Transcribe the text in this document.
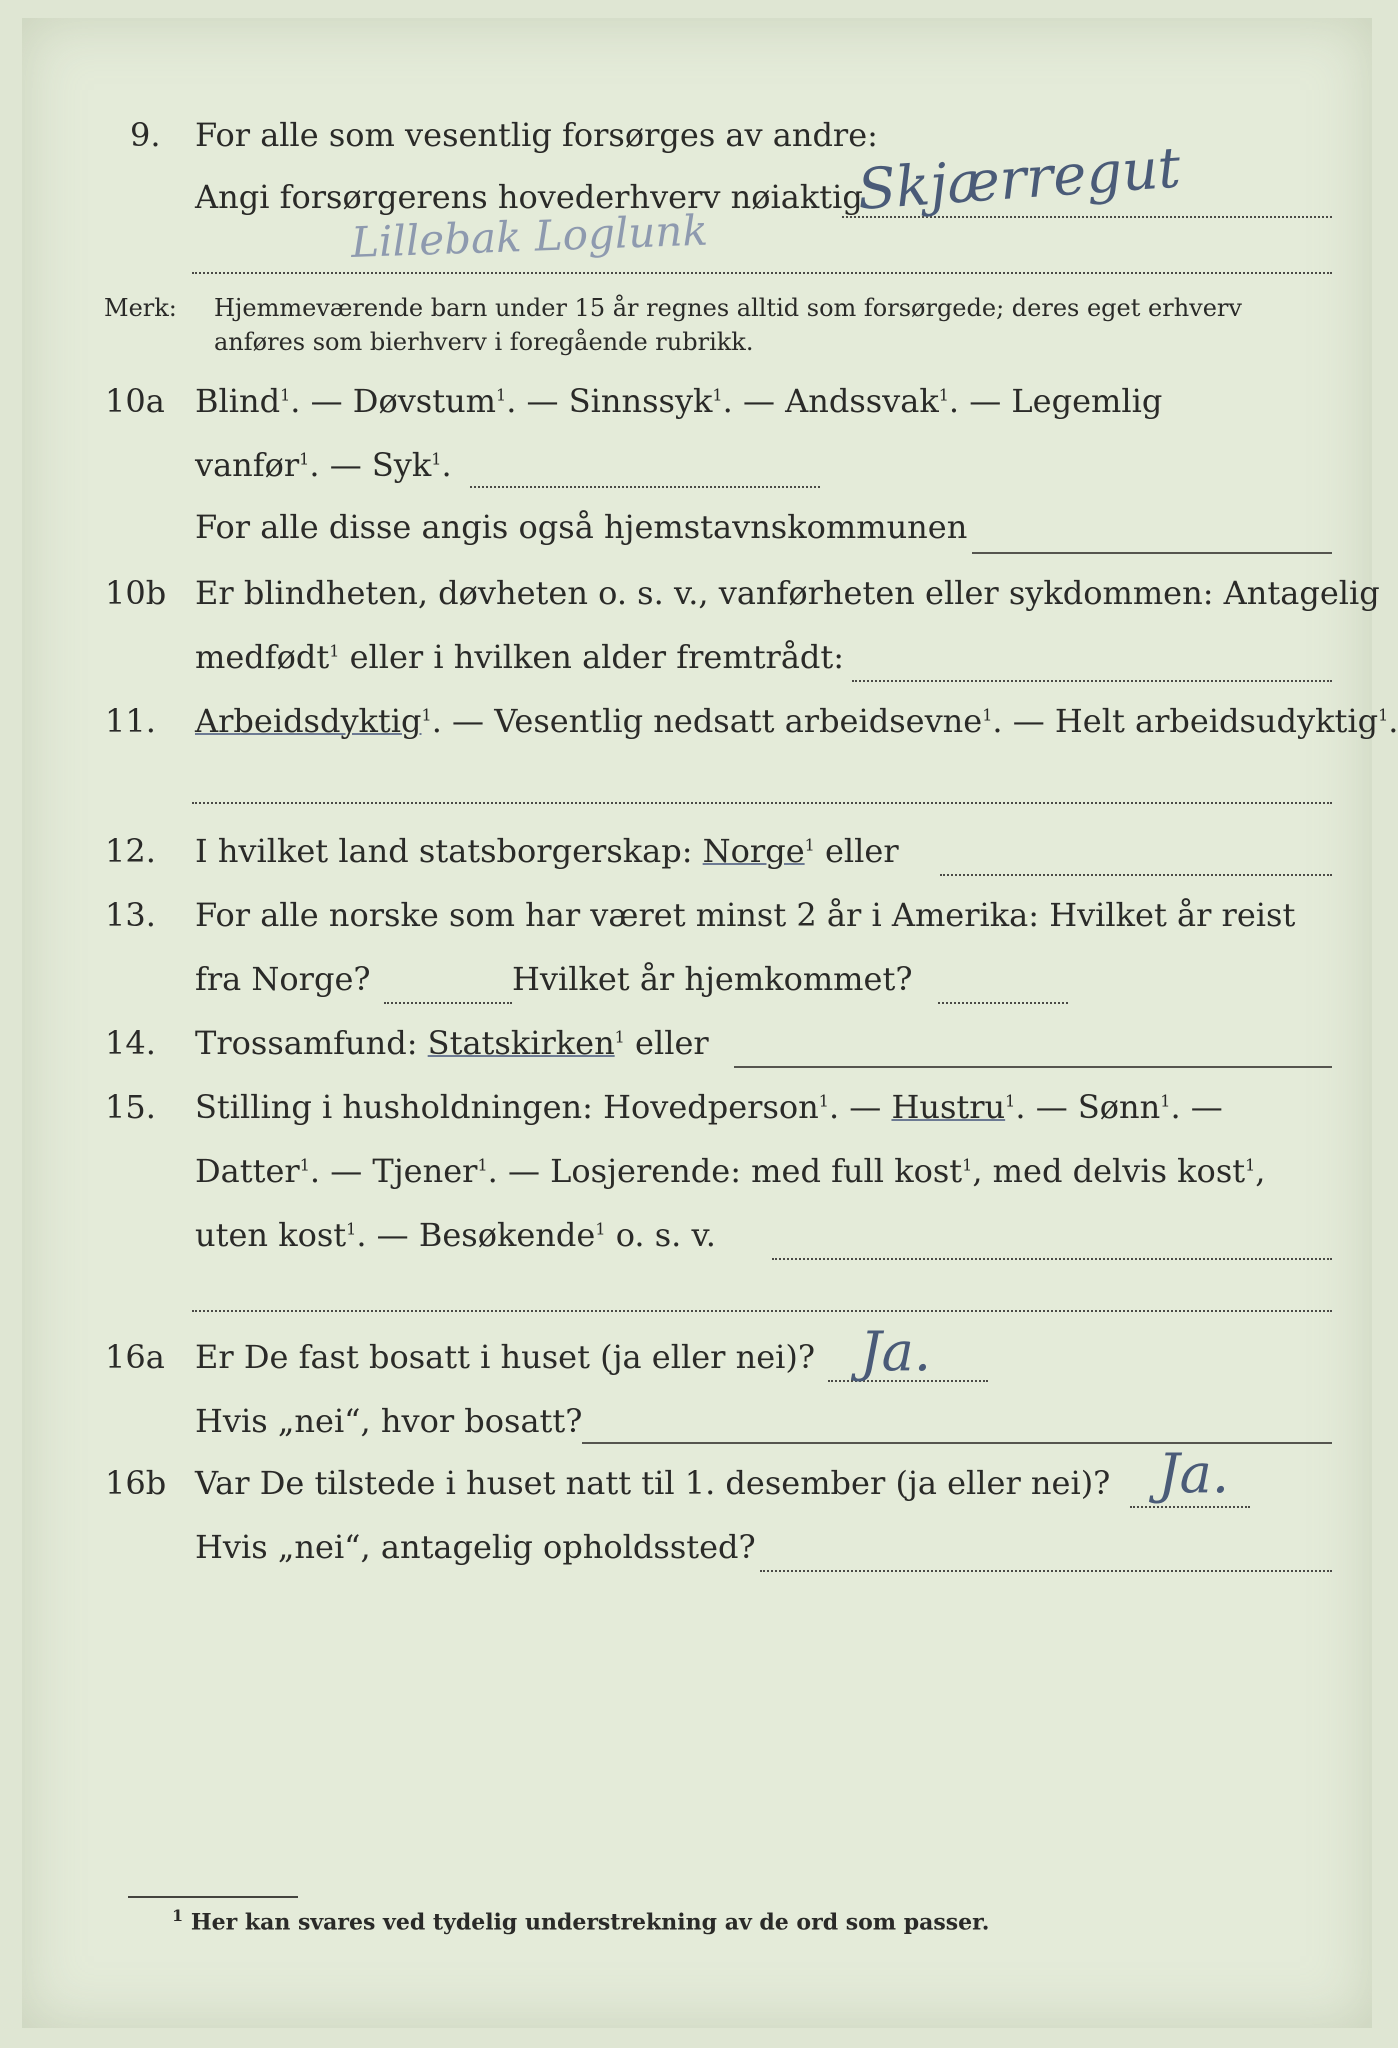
9. For alle som vesentlig forsørges av andre:
Angi forsørgerens hovederhverv nøiaktig
Skjærregut
Lillebak Loglunk
Merk: Hjemmeværende barn under 15 år regnes alltid som forsørgede; deres eget erhverv
anføres som bierhverv i foregående rubrikk.
10a Blind$^1$. — Døvstum$^1$. — Sinnssyk$^1$. — Andssvak$^1$. — Legemlig
vanfør$^1$. — Syk$^1$.
For alle disse angis også hjemstavnskommunen
10b Er blindheten, døvheten o. s. v., vanførheten eller sykdommen: Antagelig
medfødt$^1$ eller i hvilken alder fremtrådt:
11. Arbeidsdyktig$^1$. — Vesentlig nedsatt arbeidsevne$^1$. — Helt arbeidsudyktig$^1$.
12. I hvilket land statsborgerskap: Norge$^1$ eller
13. For alle norske som har været minst 2 år i Amerika: Hvilket år reist
fra Norge?	Hvilket år hjemkommet?
14. Trossamfund: Statskirken$^1$ eller
15. Stilling i husholdningen: Hovedperson$^1$. — Hustru$^1$. — Sønn$^1$. —
Datter$^1$. — Tjener$^1$. — Losjerende: med full kost$^1$, med delvis kost$^1$,
uten kost$^1$. — Besøkende$^1$ o. s. v.
16a Er De fast bosatt i huset (ja eller nei)? Ja.
Hvis „nei“, hvor bosatt?
16b Var De tilstede i huset natt til 1. desember (ja eller nei)? Ja.
Hvis „nei“, antagelig opholdssted?
$^1$ Her kan svares ved tydelig understrekning av de ord som passer.
